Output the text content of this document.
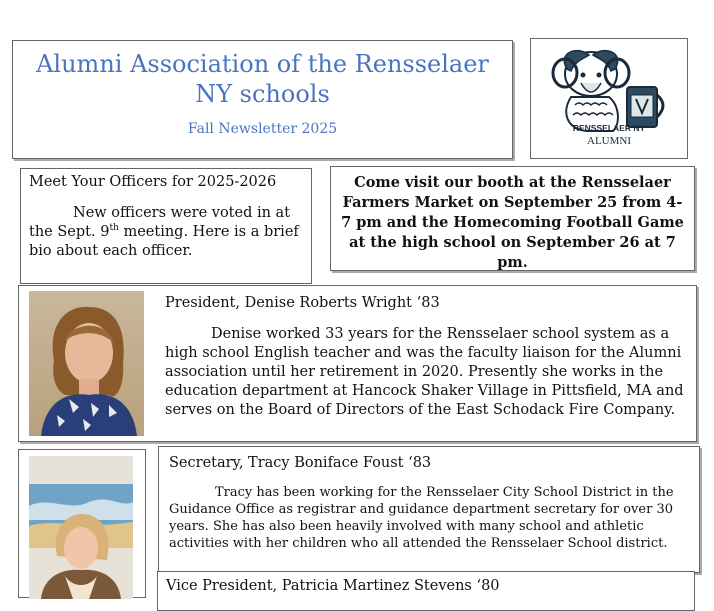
Alumni Association of the Rensselaer
NY schools
Fall Newsletter 2025	RENSSELAER NY
ALUMNI
Meet Your Officers for 2025-2026
New officers were voted in at the Sept. 9th meeting. Here is a brief bio about each officer.
Come visit our booth at the Rensselaer Farmers Market on September 25 from 4-7 pm and the Homecoming Football Game at the high school on September 26 at 7 pm.
President, Denise Roberts Wright ‘83
Denise worked 33 years for the Rensselaer school system as a high school English teacher and was the faculty liaison for the Alumni association until her retirement in 2020. Presently she works in the education department at Hancock Shaker Village in Pittsfield, MA and serves on the Board of Directors of the East Schodack Fire Company.
Secretary, Tracy Boniface Foust ‘83
Tracy has been working for the Rensselaer City School District in the Guidance Office as registrar and guidance department secretary for over 30 years. She has also been heavily involved with many school and athletic activities with her children who all attended the Rensselaer School district.
Vice President, Patricia Martinez Stevens ‘80
